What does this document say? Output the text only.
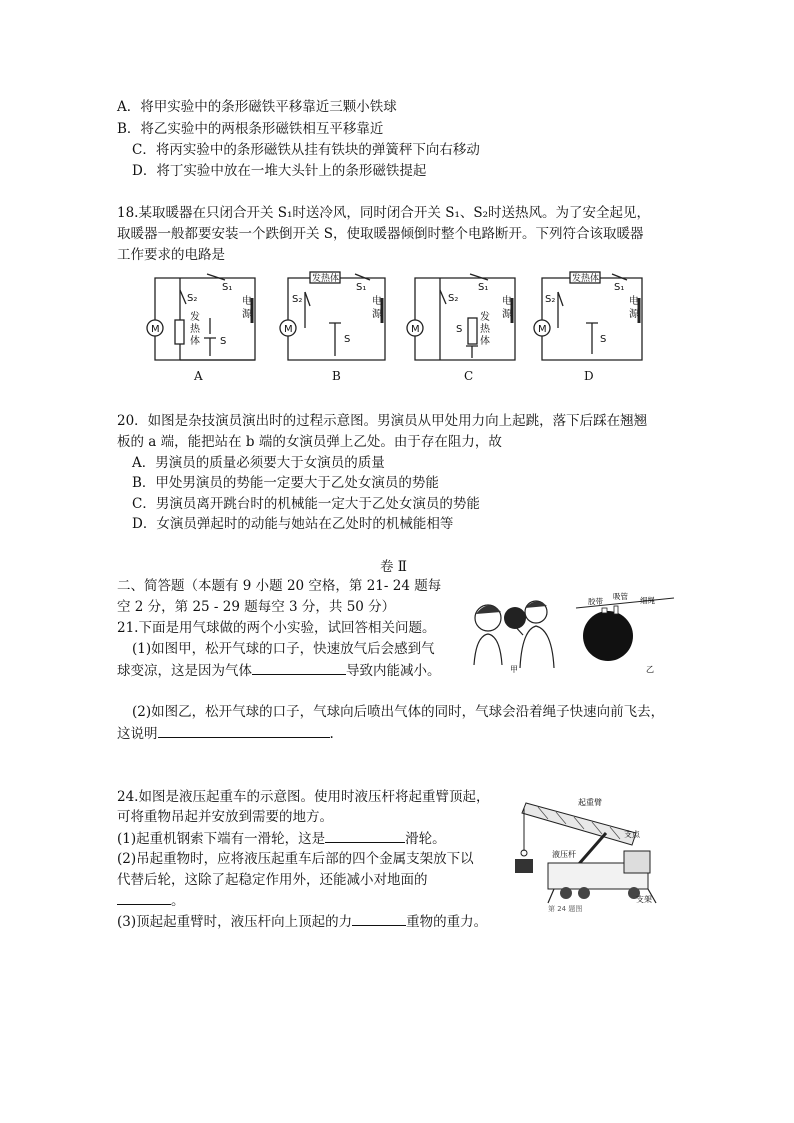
A．将甲实验中的条形磁铁平移靠近三颗小铁球
B．将乙实验中的两根条形磁铁相互平移靠近
C．将丙实验中的条形磁铁从挂有铁块的弹簧秤下向右移动
D．将丁实验中放在一堆大头针上的条形磁铁提起
18.某取暖器在只闭合开关 S₁时送冷风，同时闭合开关 S₁、S₂时送热风。为了安全起见，
取暖器一般都要安装一个跌倒开关 S，使取暖器倾倒时整个电路断开。下列符合该取暖器
工作要求的电路是
M	M	M	M
S₁
S₂
发
热
体 S
电
源
发热体
S₁
S₂
S
电
源
S₁
S₂
发
热
体
S
电
源
发热体
S₁
S₂
S
电
源
A	B	C	D
20．如图是杂技演员演出时的过程示意图。男演员从甲处用力向上起跳，落下后踩在翘翘
板的 a 端，能把站在 b 端的女演员弹上乙处。由于存在阻力，故
A．男演员的质量必须要大于女演员的质量
B．甲处男演员的势能一定要大于乙处女演员的势能
C．男演员离开跳台时的机械能一定大于乙处女演员的势能
D．女演员弹起时的动能与她站在乙处时的机械能相等
卷 Ⅱ
二、简答题（本题有 9 小题 20 空格，第 21- 24 题每
空 2 分，第 25 - 29 题每空 3 分，共 50 分）
21.下面是用气球做的两个小实验，试回答相关问题。
(1)如图甲，松开气球的口子，快速放气后会感到气
球变凉，这是因为气体	导致内能减小。
(2)如图乙，松开气球的口子，气球向后喷出气体的同时，气球会沿着绳子快速向前飞去，
这说明	.
甲
胶带
吸管 细绳
乙
24.如图是液压起重车的示意图。使用时液压杆将起重臂顶起，
可将重物吊起并安放到需要的地方。
(1)起重机钢索下端有一滑轮，这是	滑轮。
(2)吊起重物时，应将液压起重车后部的四个金属支架放下以
代替后轮，这除了起稳定作用外，还能减小对地面的
。
(3)顶起起重臂时，液压杆向上顶起的力	重物的重力。
起重臂
支点
液压杆
支架
第 24 题图
